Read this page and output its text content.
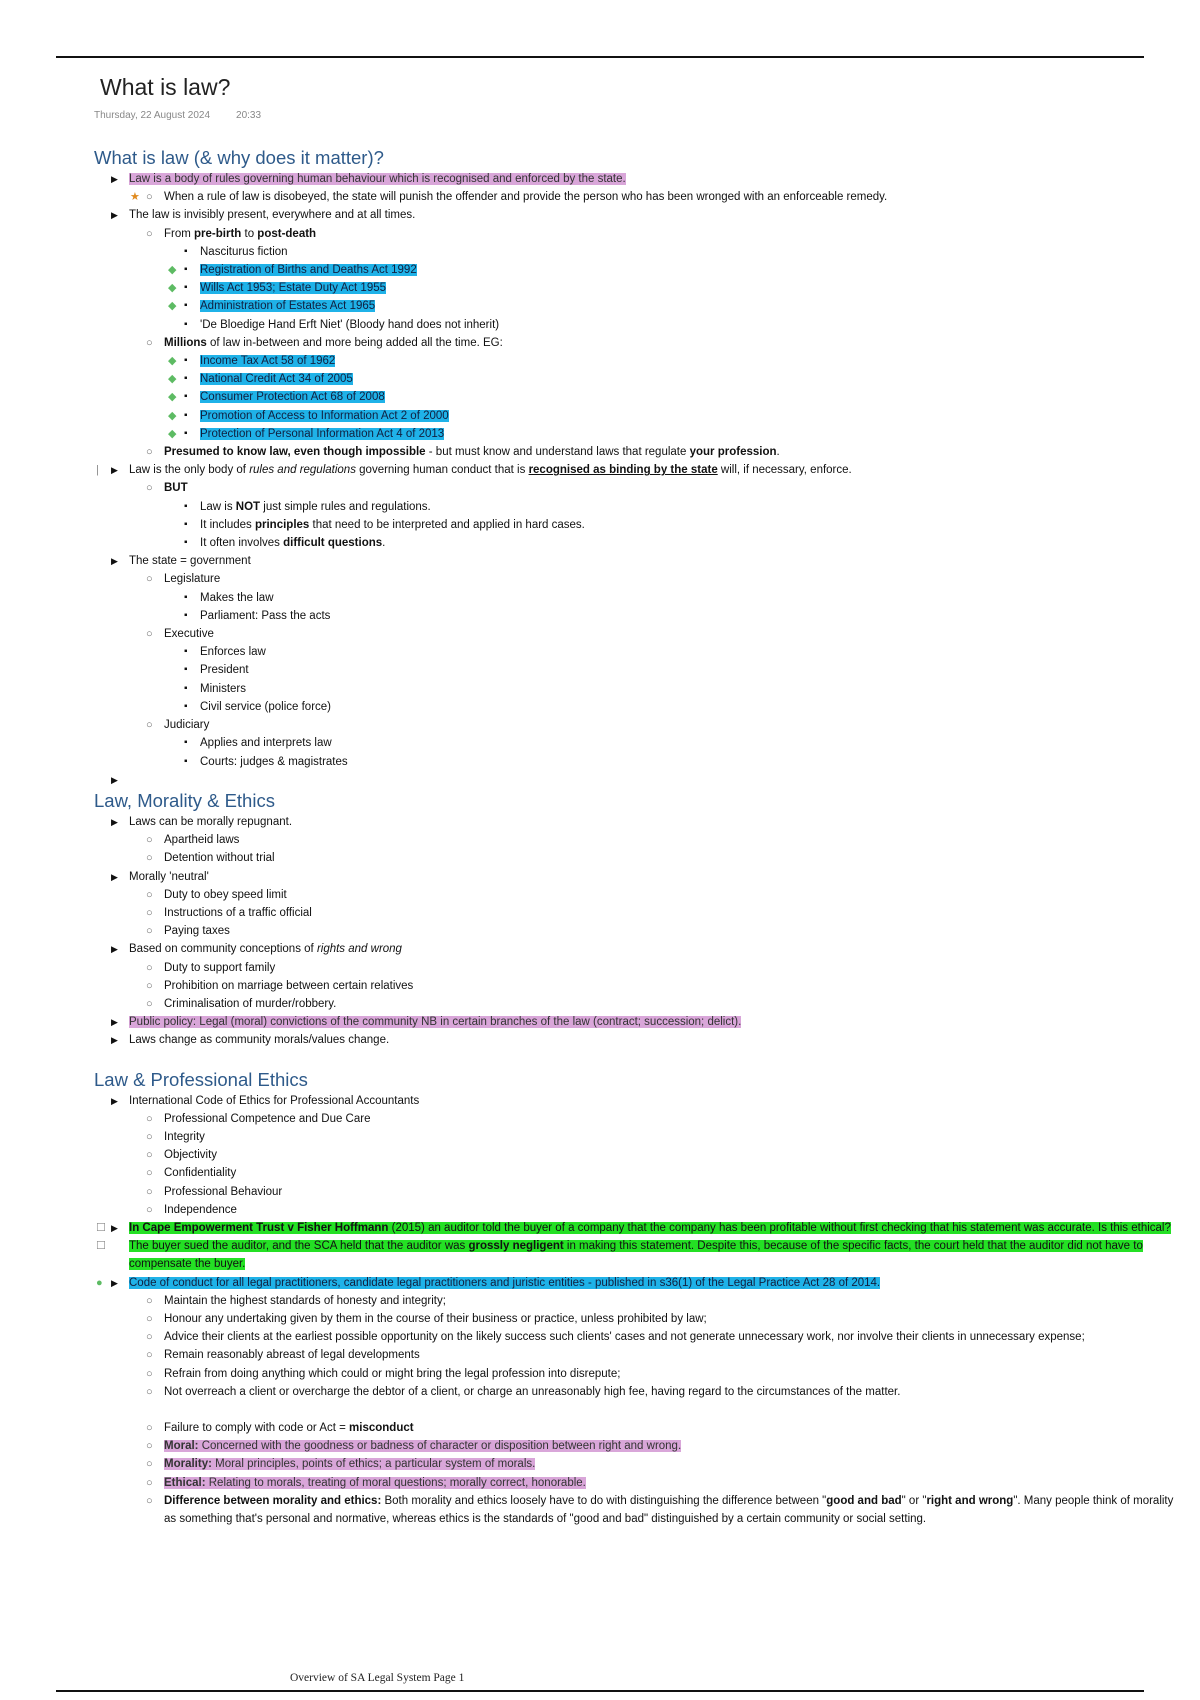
What is law?
Thursday, 22 August 2024	20:33
What is law (& why does it matter)?
▶ Law is a body of rules governing human behaviour which is recognised and enforced by the state.
★ ○ When a rule of law is disobeyed, the state will punish the offender and provide the person who has been wronged with an enforceable remedy.
▶ The law is invisibly present, everywhere and at all times.
○ From pre-birth to post-death
▪ Nasciturus fiction
◆ ▪ Registration of Births and Deaths Act 1992
◆ ▪ Wills Act 1953; Estate Duty Act 1955
◆ ▪ Administration of Estates Act 1965
▪ 'De Bloedige Hand Erft Niet' (Bloody hand does not inherit)
○ Millions of law in-between and more being added all the time. EG:
◆ ▪ Income Tax Act 58 of 1962
◆ ▪ National Credit Act 34 of 2005
◆ ▪ Consumer Protection Act 68 of 2008
◆ ▪ Promotion of Access to Information Act 2 of 2000
◆ ▪ Protection of Personal Information Act 4 of 2013
○ Presumed to know law, even though impossible - but must know and understand laws that regulate your profession.
| ▶ Law is the only body of rules and regulations governing human conduct that is recognised as binding by the state will, if necessary, enforce.
○ BUT
▪ Law is NOT just simple rules and regulations.
▪ It includes principles that need to be interpreted and applied in hard cases.
▪ It often involves difficult questions.
▶ The state = government
○ Legislature
▪ Makes the law
▪ Parliament: Pass the acts
○ Executive
▪ Enforces law
▪ President
▪ Ministers
▪ Civil service (police force)
○ Judiciary
▪ Applies and interprets law
▪ Courts: judges & magistrates
▶
Law, Morality & Ethics
▶ Laws can be morally repugnant.
○ Apartheid laws
○ Detention without trial
▶ Morally 'neutral'
○ Duty to obey speed limit
○ Instructions of a traffic official
○ Paying taxes
▶ Based on community conceptions of rights and wrong
○ Duty to support family
○ Prohibition on marriage between certain relatives
○ Criminalisation of murder/robbery.
▶ Public policy: Legal (moral) convictions of the community NB in certain branches of the law (contract; succession; delict).
▶ Laws change as community morals/values change.
Law & Professional Ethics
▶ International Code of Ethics for Professional Accountants
○ Professional Competence and Due Care
○ Integrity
○ Objectivity
○ Confidentiality
○ Professional Behaviour
○ Independence
☐ ▶ In Cape Empowerment Trust v Fisher Hoffmann (2015) an auditor told the buyer of a company that the company has been profitable without first checking that his statement was accurate. Is this ethical?
☐ The buyer sued the auditor, and the SCA held that the auditor was grossly negligent in making this statement. Despite this, because of the specific facts, the court held that the auditor did not have to compensate the buyer.
● ▶ Code of conduct for all legal practitioners, candidate legal practitioners and juristic entities - published in s36(1) of the Legal Practice Act 28 of 2014.
○ Maintain the highest standards of honesty and integrity;
○ Honour any undertaking given by them in the course of their business or practice, unless prohibited by law;
○ Advice their clients at the earliest possible opportunity on the likely success such clients' cases and not generate unnecessary work, nor involve their clients in unnecessary expense;
○ Remain reasonably abreast of legal developments
○ Refrain from doing anything which could or might bring the legal profession into disrepute;
○ Not overreach a client or overcharge the debtor of a client, or charge an unreasonably high fee, having regard to the circumstances of the matter.
○ Failure to comply with code or Act = misconduct
○ Moral: Concerned with the goodness or badness of character or disposition between right and wrong.
○ Morality: Moral principles, points of ethics; a particular system of morals.
○ Ethical: Relating to morals, treating of moral questions; morally correct, honorable.
○ Difference between morality and ethics: Both morality and ethics loosely have to do with distinguishing the difference between "good and bad" or "right and wrong". Many people think of morality as something that's personal and normative, whereas ethics is the standards of "good and bad" distinguished by a certain community or social setting.
Overview of SA Legal System Page 1
